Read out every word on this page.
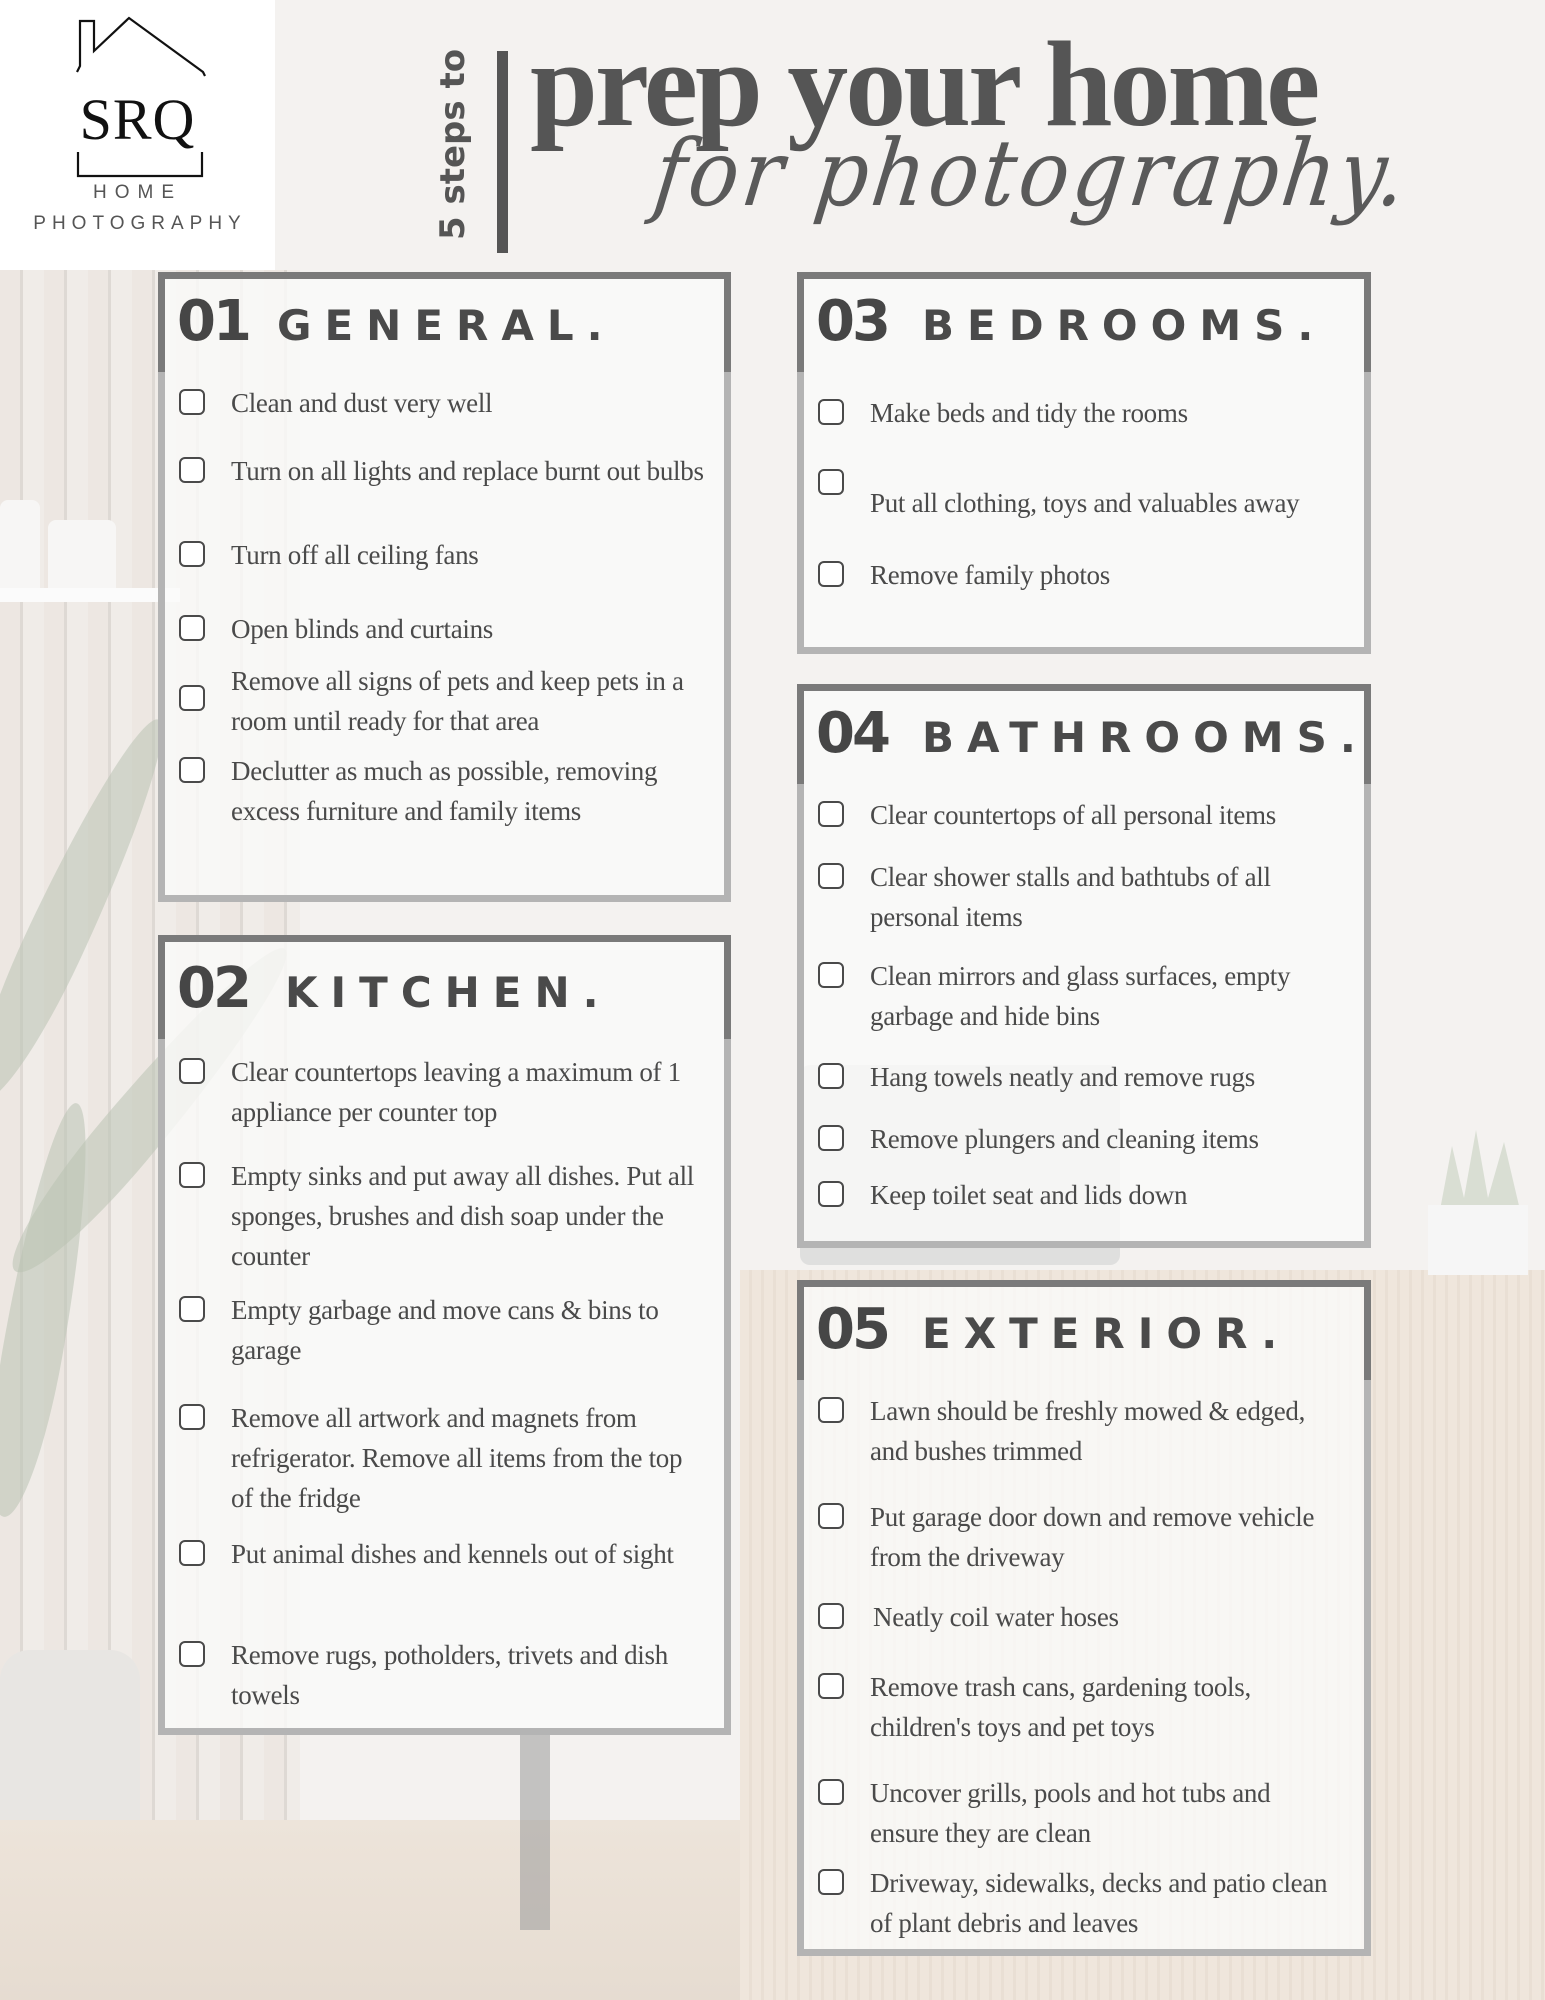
SRQ
HOME
PHOTOGRAPHY	5 steps to prep your home
for photography.
01 GENERAL.
Clean and dust very well
Turn on all lights and replace burnt out bulbs
Turn off all ceiling fans
Open blinds and curtains
Remove all signs of pets and keep pets in a room until ready for that area
Declutter as much as possible, removing excess furniture and family items
02 KITCHEN.
Clear countertops leaving a maximum of 1 appliance per counter top
Empty sinks and put away all dishes. Put all sponges, brushes and dish soap under the counter
Empty garbage and move cans & bins to garage
Remove all artwork and magnets from refrigerator. Remove all items from the top of the fridge
Put animal dishes and kennels out of sight
Remove rugs, potholders, trivets and dish towels
03 BEDROOMS.
Make beds and tidy the rooms
Put all clothing, toys and valuables away
Remove family photos
04 BATHROOMS.
Clear countertops of all personal items
Clear shower stalls and bathtubs of all personal items
Clean mirrors and glass surfaces, empty garbage and hide bins
Hang towels neatly and remove rugs
Remove plungers and cleaning items
Keep toilet seat and lids down
05 EXTERIOR.
Lawn should be freshly mowed & edged, and bushes trimmed
Put garage door down and remove vehicle from the driveway
Neatly coil water hoses
Remove trash cans, gardening tools, children's toys and pet toys
Uncover grills, pools and hot tubs and ensure they are clean
Driveway, sidewalks, decks and patio clean of plant debris and leaves
